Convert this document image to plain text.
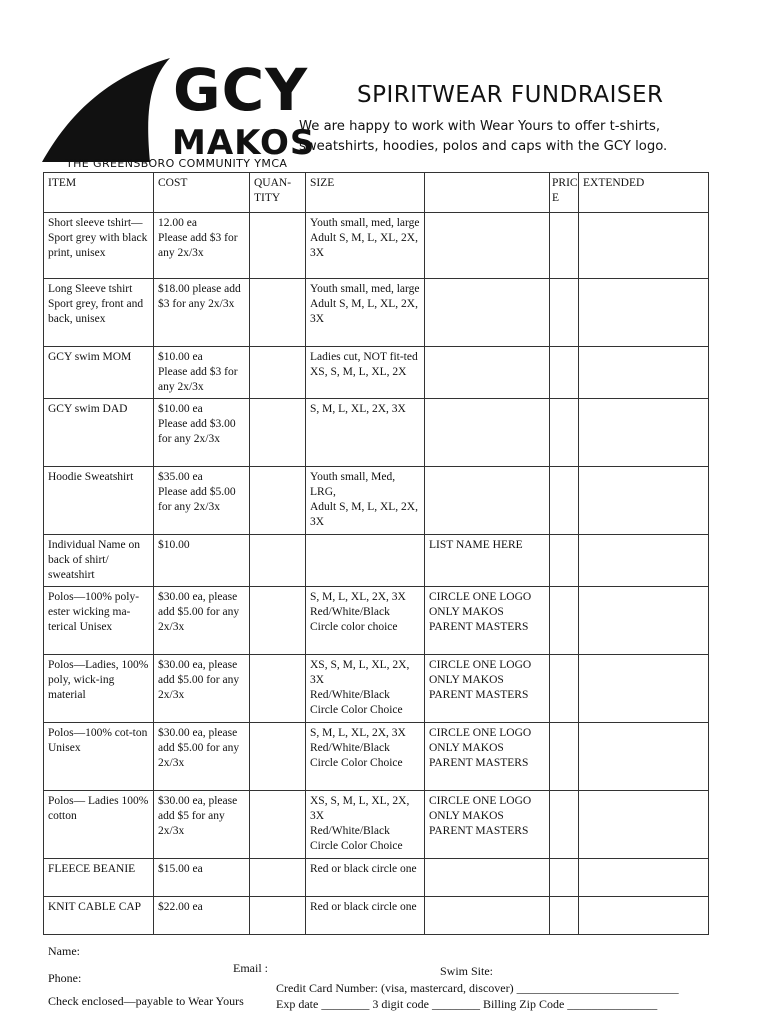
GCY
MAKOS
THE GREENSBORO COMMUNITY YMCA
SPIRITWEAR FUNDRAISER
We are happy to work with Wear Yours to offer t-shirts, sweatshirts, hoodies, polos and caps with the GCY logo.
ITEM	COST	QUAN-
TITY	SIZE		PRICE	EXTENDED
Short sleeve tshirt—Sport grey with black print, unisex	12.00 ea
Please add $3 for any 2x/3x		Youth small, med, large
Adult S, M, L, XL, 2X, 3X			
Long Sleeve tshirt Sport grey, front and back, unisex	$18.00 please add $3 for any 2x/3x		Youth small, med, large
Adult S, M, L, XL, 2X, 3X			
GCY swim MOM	$10.00 ea
Please add $3 for any 2x/3x		Ladies cut, NOT fit-ted
XS, S, M, L, XL, 2X			
GCY swim DAD	$10.00 ea
Please add $3.00 for any 2x/3x		S, M, L, XL, 2X, 3X			
Hoodie Sweatshirt	$35.00 ea
Please add $5.00 for any 2x/3x		Youth small, Med, LRG,
Adult S, M, L, XL, 2X, 3X			
Individual Name on back of shirt/ sweatshirt	$10.00			LIST NAME HERE		
Polos—100% poly-ester wicking ma-terical Unisex	$30.00 ea, please add $5.00 for any 2x/3x		S, M, L, XL, 2X, 3X Red/White/Black Circle color choice	CIRCLE ONE LOGO ONLY MAKOS PARENT MASTERS		
Polos—Ladies, 100% poly, wick-ing material	$30.00 ea, please add $5.00 for any 2x/3x		XS, S, M, L, XL, 2X, 3X
Red/White/Black Circle Color Choice	CIRCLE ONE LOGO ONLY MAKOS PARENT MASTERS		
Polos—100% cot-ton
Unisex	$30.00 ea, please add $5.00 for any 2x/3x		S, M, L, XL, 2X, 3X Red/White/Black
Circle Color Choice	CIRCLE ONE LOGO ONLY MAKOS PARENT MASTERS		
Polos— Ladies 100% cotton	$30.00 ea, please add $5 for any 2x/3x		XS, S, M, L, XL, 2X, 3X
Red/White/Black Circle Color Choice	CIRCLE ONE LOGO ONLY MAKOS PARENT MASTERS		
FLEECE BEANIE	$15.00 ea		Red or black circle one			
KNIT CABLE CAP	$22.00 ea		Red or black circle one			
Name:
Phone:
Check enclosed—payable to Wear Yours
Email :	Swim Site:
Credit Card Number: (visa, mastercard, discover) ___________________________
Exp date ________ 3 digit code ________ Billing Zip Code _______________
